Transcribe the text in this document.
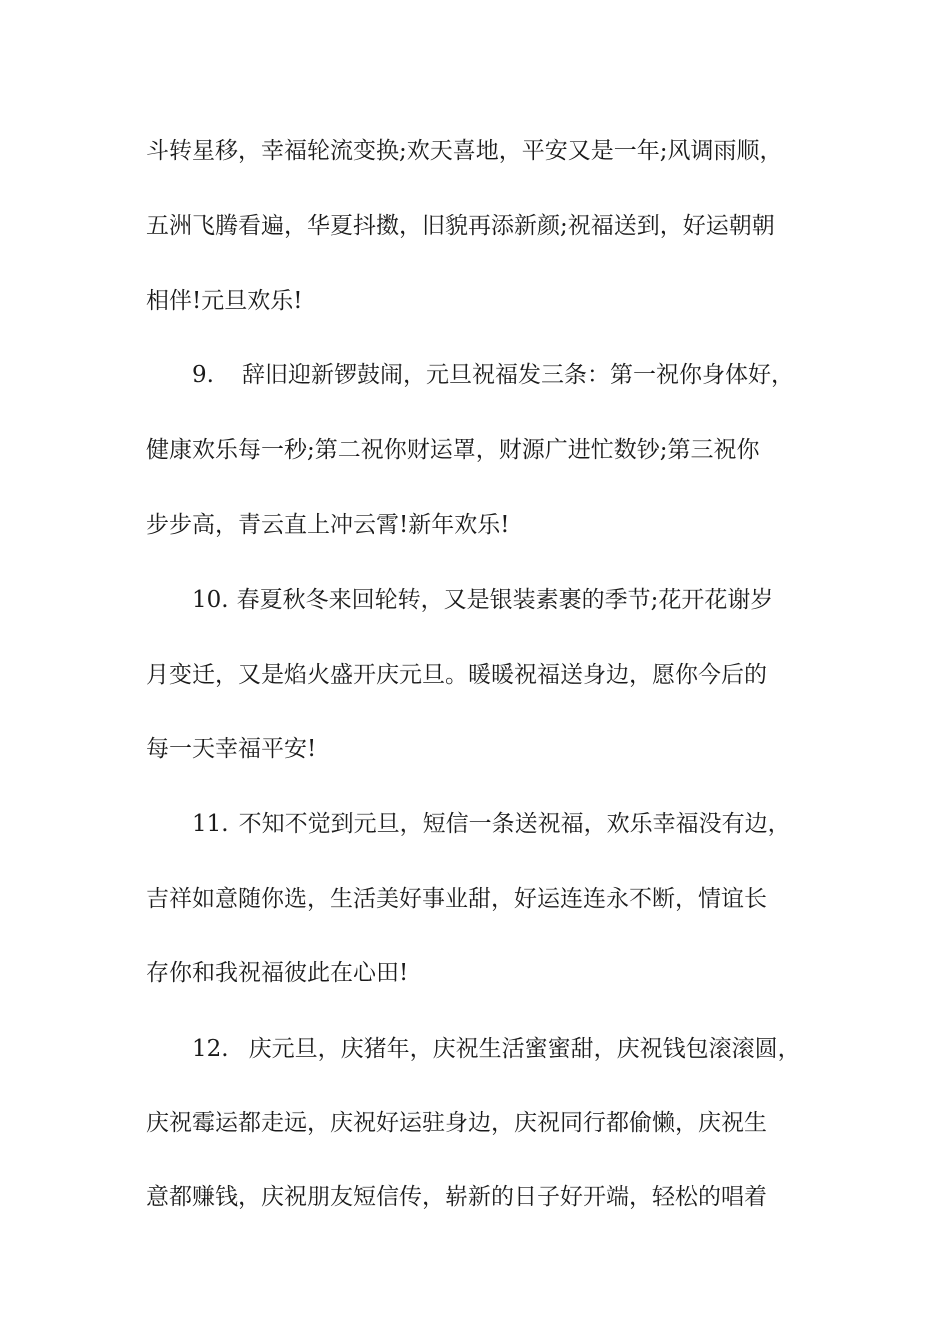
斗转星移，幸福轮流变换;欢天喜地，平安又是一年;风调雨顺，
五洲飞腾看遍，华夏抖擞，旧貌再添新颜;祝福送到，好运朝朝
相伴!元旦欢乐!
9. 辞旧迎新锣鼓闹，元旦祝福发三条：第一祝你身体好，
健康欢乐每一秒;第二祝你财运罩，财源广进忙数钞;第三祝你
步步高，青云直上冲云霄!新年欢乐!
10. 春夏秋冬来回轮转，又是银装素裹的季节;花开花谢岁
月变迁，又是焰火盛开庆元旦。暖暖祝福送身边，愿你今后的
每一天幸福平安!
11. 不知不觉到元旦，短信一条送祝福，欢乐幸福没有边，
吉祥如意随你选，生活美好事业甜，好运连连永不断，情谊长
存你和我祝福彼此在心田!
12. 庆元旦，庆猪年，庆祝生活蜜蜜甜，庆祝钱包滚滚圆，
庆祝霉运都走远，庆祝好运驻身边，庆祝同行都偷懒，庆祝生
意都赚钱，庆祝朋友短信传，崭新的日子好开端，轻松的唱着
